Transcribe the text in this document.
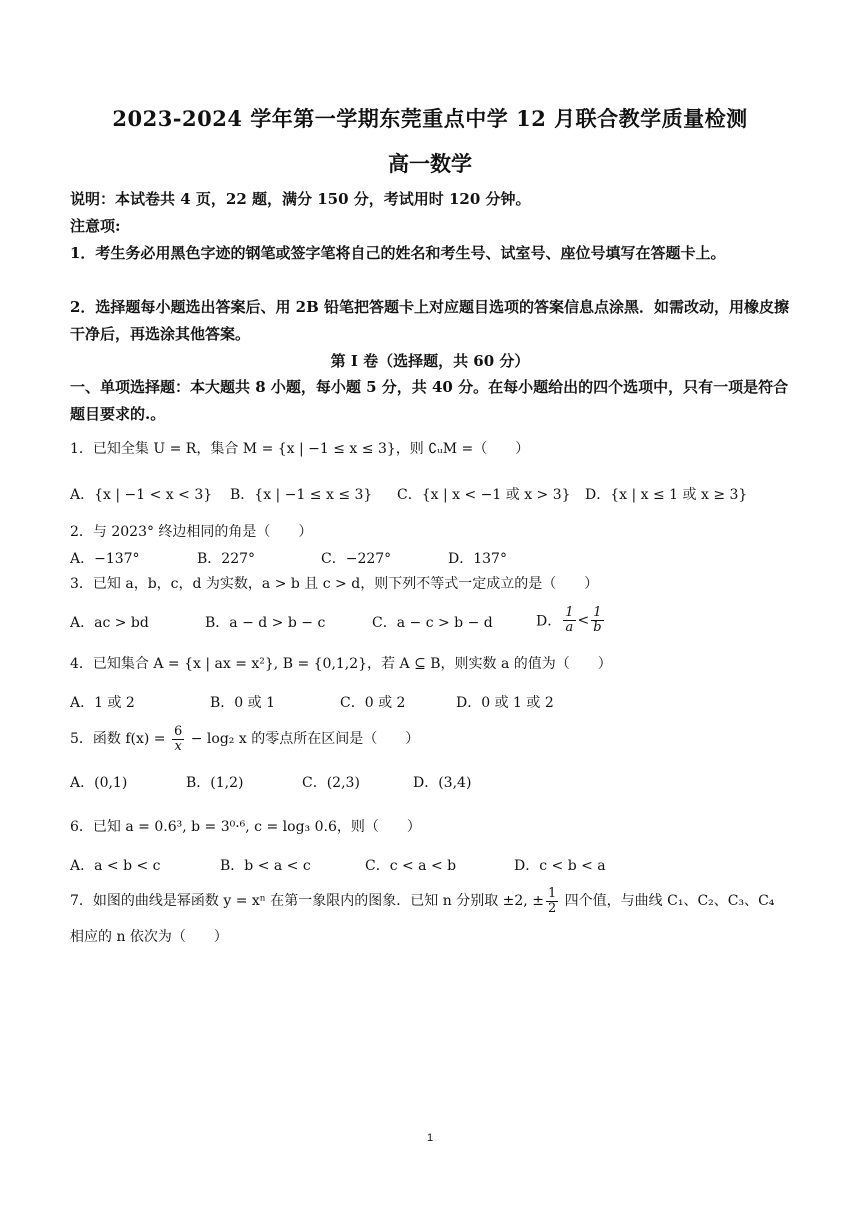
2023-2024 学年第一学期东莞重点中学 12 月联合教学质量检测
高一数学
说明：本试卷共 4 页，22 题，满分 150 分，考试用时 120 分钟。
注意项:
1．考生务必用黑色字迹的钢笔或签字笔将自己的姓名和考生号、试室号、座位号填写在答题卡上。
2．选择题每小题选出答案后、用 2B 铅笔把答题卡上对应题目选项的答案信息点涂黑．如需改动，用橡皮擦干净后，再选涂其他答案。
第 I 卷（选择题，共 60 分）
一、单项选择题：本大题共 8 小题，每小题 5 分，共 40 分。在每小题给出的四个选项中，只有一项是符合题目要求的.。
1．已知全集 U = R，集合 M = {x | −1 ≤ x ≤ 3}，则 ∁ᵤM =（　　）
A．{x | −1 < x < 3} B．{x | −1 ≤ x ≤ 3} C．{x | x < −1 或 x > 3} D．{x | x ≤ 1 或 x ≥ 3}
2．与 2023° 终边相同的角是（　　）
A．−137°	B．227°	C．−227°	D．137°
3．已知 a，b，c，d 为实数，a > b 且 c > d，则下列不等式一定成立的是（　　）
A．ac > bd	B．a − d > b − c	C．a − c > b − d	D． $\frac{1}{a} < \frac{1}{b}$
4．已知集合 A = {x | ax = x²}, B = {0,1,2}，若 A ⊆ B，则实数 a 的值为（　　）
A．1 或 2	B．0 或 1	C．0 或 2	D．0 或 1 或 2
5．函数 $f(x) = \frac{6}{x} - \log_2$ x 的零点所在区间是（　　）
A．(0,1)	B．(1,2)	C．(2,3)	D．(3,4)
6．已知 a = 0.6³, b = 3⁰·⁶, c = log₃ 0.6，则（　　）
A．a < b < c	B．b < a < c	C．c < a < b	D．c < b < a
7．如图的曲线是幂函数 y = xⁿ 在第一象限内的图象．已知 n 分别取 ±2, ± $\frac{1}{2}$ 四个值，与曲线 C₁、C₂、C₃、C₄
相应的 n 依次为（　　）
1
